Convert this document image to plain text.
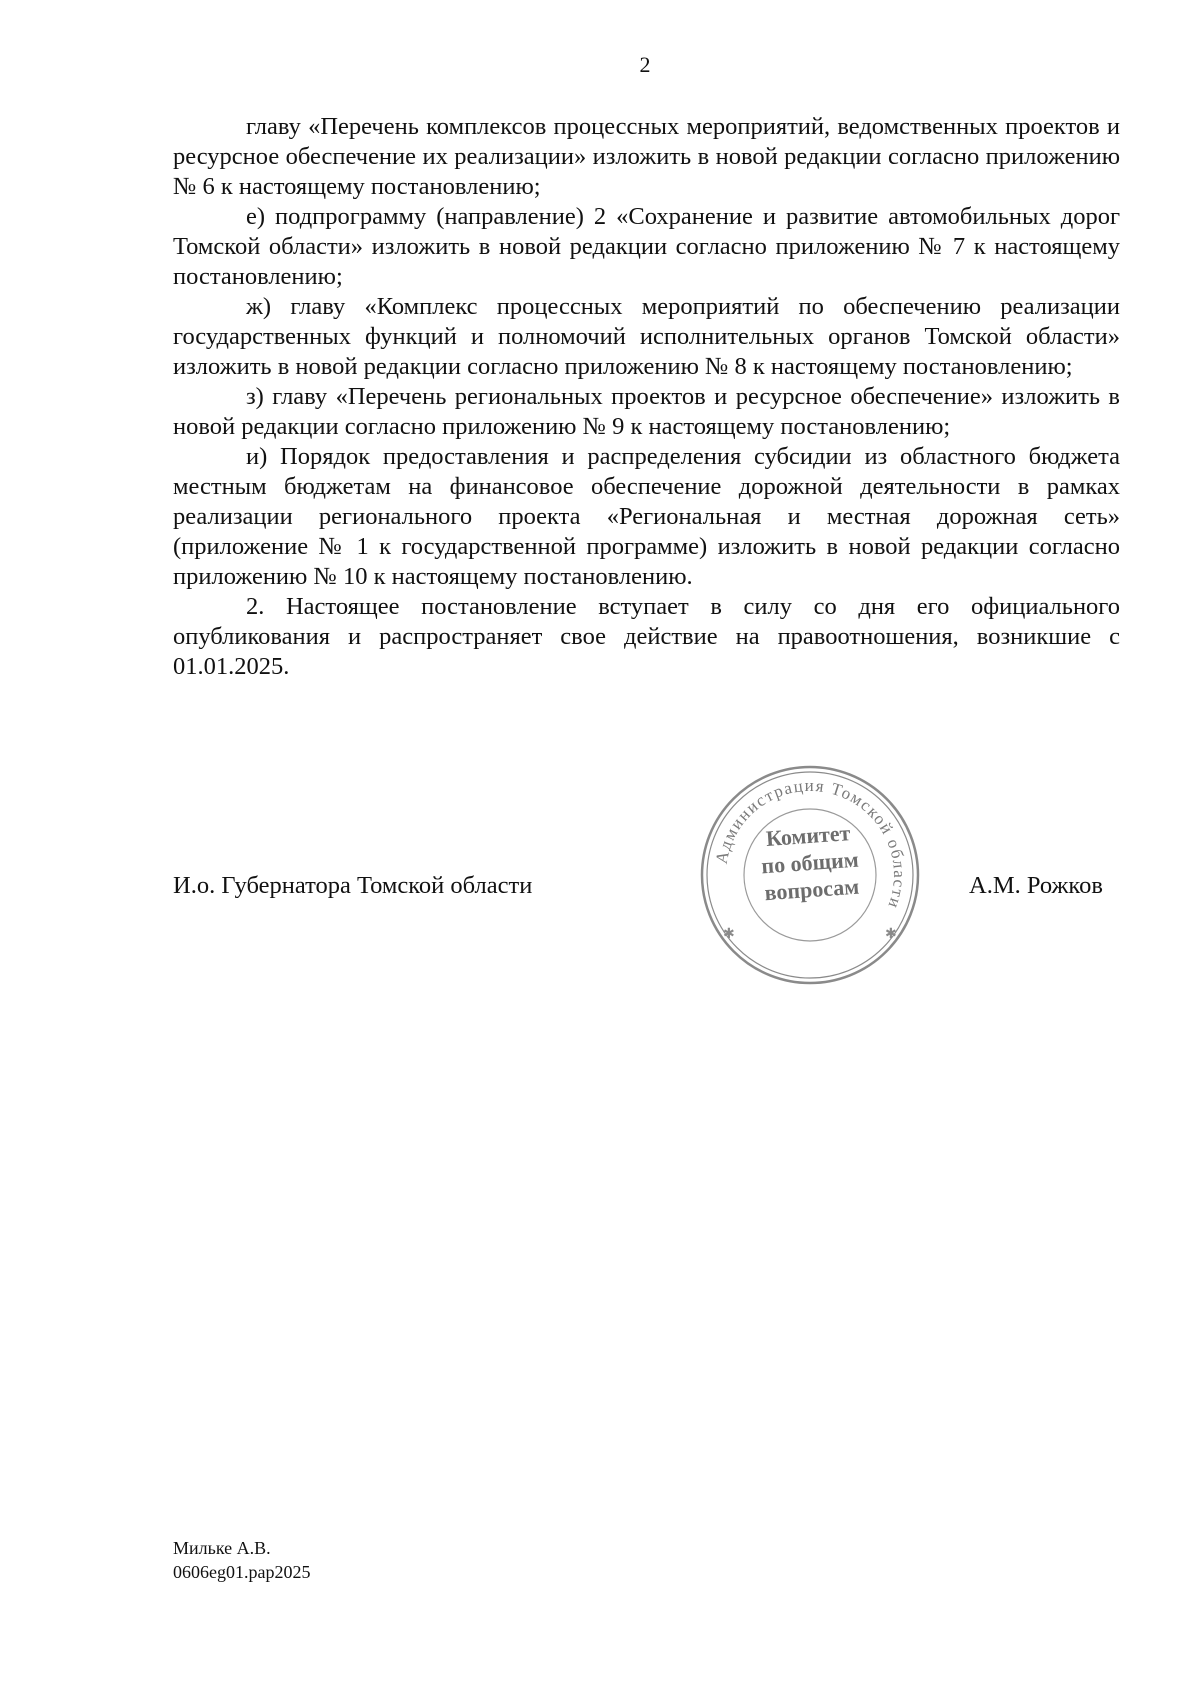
2

главу «Перечень комплексов процессных мероприятий, ведомственных проектов и ресурсное обеспечение их реализации» изложить в новой редакции согласно приложению № 6 к настоящему постановлению;

е) подпрограмму (направление) 2 «Сохранение и развитие автомобильных дорог Томской области» изложить в новой редакции согласно приложению № 7 к настоящему постановлению;

ж) главу «Комплекс процессных мероприятий по обеспечению реализации государственных функций и полномочий исполнительных органов Томской области» изложить в новой редакции согласно приложению № 8 к настоящему постановлению;

з) главу «Перечень региональных проектов и ресурсное обеспечение» изложить в новой редакции согласно приложению № 9 к настоящему постановлению;

и) Порядок предоставления и распределения субсидии из областного бюджета местным бюджетам на финансовое обеспечение дорожной деятельности в рамках реализации регионального проекта «Региональная и местная дорожная сеть» (приложение № 1 к государственной программе) изложить в новой редакции согласно приложению № 10 к настоящему постановлению.

2. Настоящее постановление вступает в силу со дня его официального опубликования и распространяет свое действие на правоотношения, возникшие с 01.01.2025.

И.о. Губернатора Томской области
Администрация Томской области
✱	✱
Комитет
по общим
вопросам	А.М. Рожков
Мильке А.В.
0606eg01.pap2025
